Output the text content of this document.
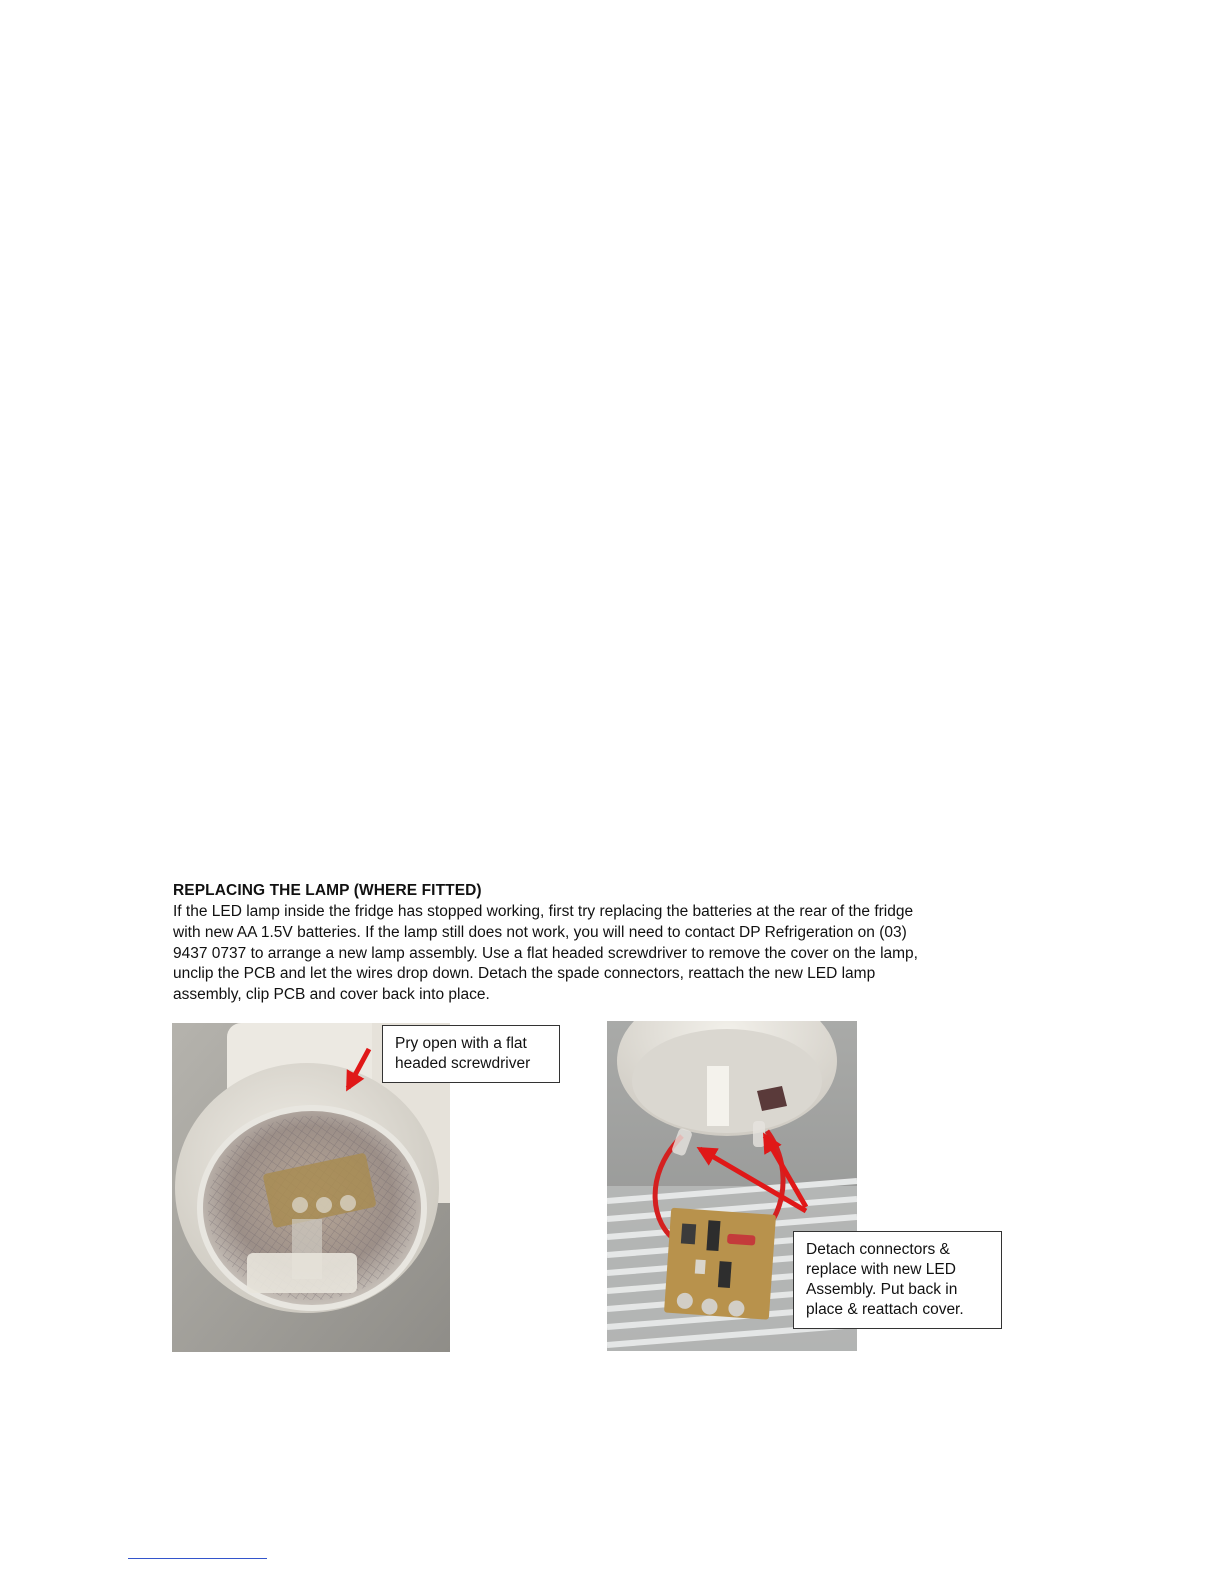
REPLACING THE LAMP (WHERE FITTED)
If the LED lamp inside the fridge has stopped working, first try replacing the batteries at the rear of the fridge
with new AA 1.5V batteries. If the lamp still does not work, you will need to contact DP Refrigeration on (03)
9437 0737 to arrange a new lamp assembly. Use a flat headed screwdriver to remove the cover on the lamp,
unclip the PCB and let the wires drop down. Detach the spade connectors, reattach the new LED lamp
assembly, clip PCB and cover back into place.
Pry open with a flat
headed screwdriver
Detach connectors &
replace with new LED
Assembly. Put back in
place & reattach cover.
